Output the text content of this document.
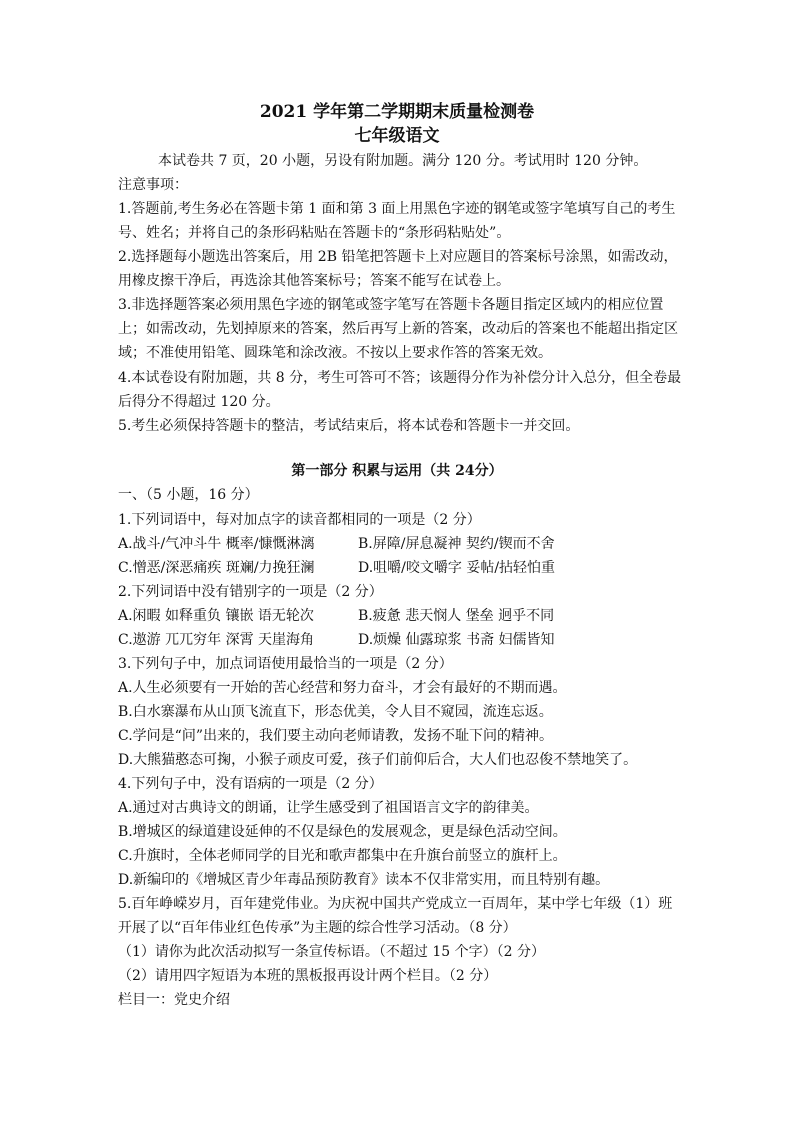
2021 学年第二学期期末质量检测卷
七年级语文
本试卷共 7 页，20 小题，另设有附加题。满分 120 分。考试用时 120 分钟。
注意事项：
1.答题前,考生务必在答题卡第 1 面和第 3 面上用黑色字迹的钢笔或签字笔填写自己的考生
号、姓名；并将自己的条形码粘贴在答题卡的“条形码粘贴处”。
2.选择题每小题选出答案后，用 2B 铅笔把答题卡上对应题目的答案标号涂黑，如需改动，
用橡皮擦干净后，再选涂其他答案标号；答案不能写在试卷上。
3.非选择题答案必须用黑色字迹的钢笔或签字笔写在答题卡各题目指定区域内的相应位置
上；如需改动，先划掉原来的答案，然后再写上新的答案，改动后的答案也不能超出指定区
域；不准使用铅笔、圆珠笔和涂改液。不按以上要求作答的答案无效。
4.本试卷设有附加题，共 8 分，考生可答可不答；该题得分作为补偿分计入总分，但全卷最
后得分不得超过 120 分。
5.考生必须保持答题卡的整洁，考试结束后，将本试卷和答题卡一并交回。
第一部分 积累与运用（共 24分）
一、（5 小题，16 分）
1.下列词语中，每对加点字的读音都相同的一项是（2 分）
A.战斗/气冲斗牛 概率/慷慨淋漓	B.屏障/屏息凝神 契约/锲而不舍
C.憎恶/深恶痛疾 斑斓/力挽狂澜	D.咀嚼/咬文嚼字 妥帖/拈轻怕重
2.下列词语中没有错别字的一项是（2 分）
A.闲暇 如释重负 镶嵌 语无轮次	B.疲惫 悲天悯人 堡垒 迥乎不同
C.遨游 兀兀穷年 深霄 天崖海角	D.烦燥 仙露琼浆 书斋 妇儒皆知
3.下列句子中，加点词语使用最恰当的一项是（2 分）
A.人生必须要有一开始的苦心经营和努力奋斗，才会有最好的不期而遇。
B.白水寨瀑布从山顶飞流直下，形态优美，令人目不窥园，流连忘返。
C.学问是“问”出来的，我们要主动向老师请教，发扬不耻下问的精神。
D.大熊猫憨态可掬，小猴子顽皮可爱，孩子们前仰后合，大人们也忍俊不禁地笑了。
4.下列句子中，没有语病的一项是（2 分）
A.通过对古典诗文的朗诵，让学生感受到了祖国语言文字的韵律美。
B.增城区的绿道建设延伸的不仅是绿色的发展观念，更是绿色活动空间。
C.升旗时，全体老师同学的目光和歌声都集中在升旗台前竖立的旗杆上。
D.新编印的《增城区青少年毒品预防教育》读本不仅非常实用，而且特别有趣。
5.百年峥嵘岁月，百年建党伟业。为庆祝中国共产党成立一百周年，某中学七年级（1）班
开展了以“百年伟业红色传承”为主题的综合性学习活动。（8 分）
（1）请你为此次活动拟写一条宣传标语。（不超过 15 个字）（2 分）
（2）请用四字短语为本班的黑板报再设计两个栏目。（2 分）
栏目一：党史介绍
